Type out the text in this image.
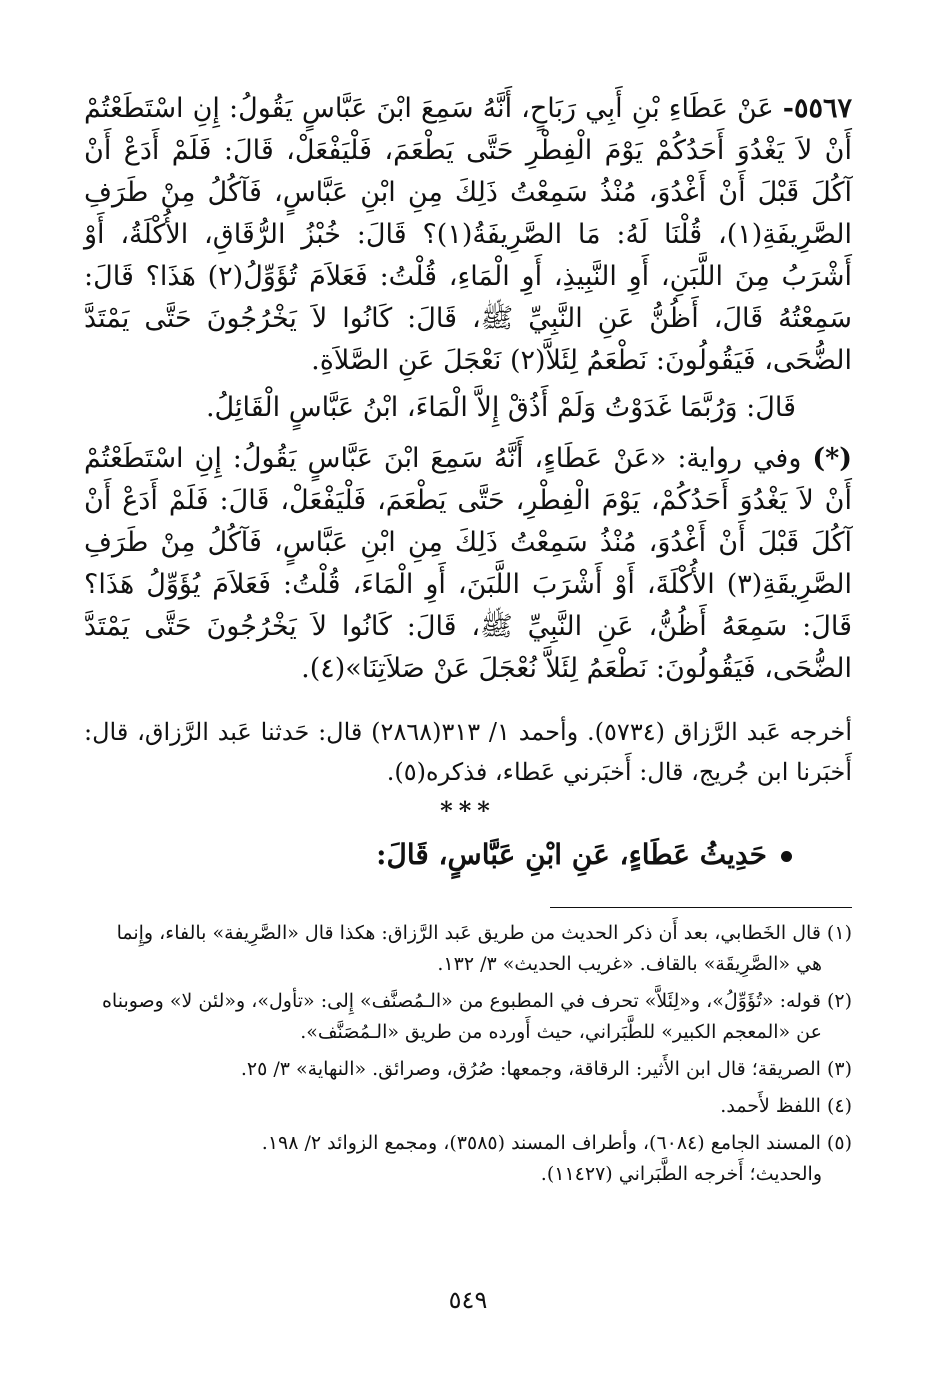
٥٥٦٧- عَنْ عَطَاءِ بْنِ أَبِي رَبَاحٍ، أَنَّهُ سَمِعَ ابْنَ عَبَّاسٍ يَقُولُ: إِنِ اسْتَطَعْتُمْ أَنْ لاَ يَغْدُوَ أَحَدُكُمْ يَوْمَ الْفِطْرِ حَتَّى يَطْعَمَ، فَلْيَفْعَلْ، قَالَ: فَلَمْ أَدَعْ أَنْ آكُلَ قَبْلَ أَنْ أَغْدُوَ، مُنْذُ سَمِعْتُ ذَلِكَ مِنِ ابْنِ عَبَّاسٍ، فَآكُلُ مِنْ طَرَفِ الصَّرِيفَةِ(١)، قُلْنَا لَهُ: مَا الصَّرِيفَةُ(١)؟ قَالَ: خُبْزُ الرُّقَاقِ، الأُكْلَةُ، أَوْ أَشْرَبُ مِنَ اللَّبَنِ، أَوِ النَّبِيذِ، أَوِ الْمَاءِ، قُلْتُ: فَعَلاَمَ تُؤَوِّلُ(٢) هَذَا؟ قَالَ: سَمِعْتُهُ قَالَ، أَظُنُّ عَنِ النَّبِيِّ ﷺ، قَالَ: كَانُوا لاَ يَخْرُجُونَ حَتَّى يَمْتَدَّ الضُّحَى، فَيَقُولُونَ: نَطْعَمُ لِئَلاَّ(٢) نَعْجَلَ عَنِ الصَّلاَةِ.

قَالَ: وَرُبَّمَا غَدَوْتُ وَلَمْ أَذُقْ إِلاَّ الْمَاءَ، ابْنُ عَبَّاسٍ الْقَائِلُ.

(*) وفي رواية: «عَنْ عَطَاءٍ، أَنَّهُ سَمِعَ ابْنَ عَبَّاسٍ يَقُولُ: إِنِ اسْتَطَعْتُمْ أَنْ لاَ يَغْدُوَ أَحَدُكُمْ، يَوْمَ الْفِطْرِ، حَتَّى يَطْعَمَ، فَلْيَفْعَلْ، قَالَ: فَلَمْ أَدَعْ أَنْ آكُلَ قَبْلَ أَنْ أَغْدُوَ، مُنْذُ سَمِعْتُ ذَلِكَ مِنِ ابْنِ عَبَّاسٍ، فَآكُلُ مِنْ طَرَفِ الصَّرِيقَةِ(٣) الأُكْلَةَ، أَوْ أَشْرَبَ اللَّبَنَ، أَوِ الْمَاءَ، قُلْتُ: فَعَلاَمَ يُؤَوِّلُ هَذَا؟ قَالَ: سَمِعَهُ أَظُنُّ، عَنِ النَّبِيِّ ﷺ، قَالَ: كَانُوا لاَ يَخْرُجُونَ حَتَّى يَمْتَدَّ الضُّحَى، فَيَقُولُونَ: نَطْعَمُ لِئَلاَّ نُعْجَلَ عَنْ صَلاَتِنَا»(٤).

أخرجه عَبد الرَّزاق (٥٧٣٤). وأحمد ١/ ٣١٣(٢٨٦٨) قال: حَدثنا عَبد الرَّزاق، قال: أَخبَرنا ابن جُريج، قال: أَخبَرني عَطاء، فذكره(٥).

***
حَدِيثُ عَطَاءٍ، عَنِ ابْنِ عَبَّاسٍ، قَالَ:

(١) قال الخَطابي، بعد أَن ذكر الحديث من طريق عَبد الرَّزاق: هكذا قال «الصَّرِيفة» بالفاء، وإِنما
هي «الصَّرِيقَة» بالقاف. «غريب الحديث» ٣/ ١٣٢.

(٢) قوله: «تُؤَوِّلُ»، و«لِئَلاَّ» تحرف في المطبوع من «الـمُصنَّف» إِلى: «تأول»، و«لئن لا» وصوبناه
عن «المعجم الكبير» للطَّبَراني، حيث أَورده من طريق «الـمُصَنَّف».

(٣) الصريقة؛ قال ابن الأَثير: الرقاقة، وجمعها: صُرُق، وصرائق. «النهاية» ٣/ ٢٥.

(٤) اللفظ لأَحمد.

(٥) المسند الجامع (٦٠٨٤)، وأطراف المسند (٣٥٨٥)، ومجمع الزوائد ٢/ ١٩٨.
والحديث؛ أَخرجه الطَّبَراني (١١٤٢٧).

٥٤٩
